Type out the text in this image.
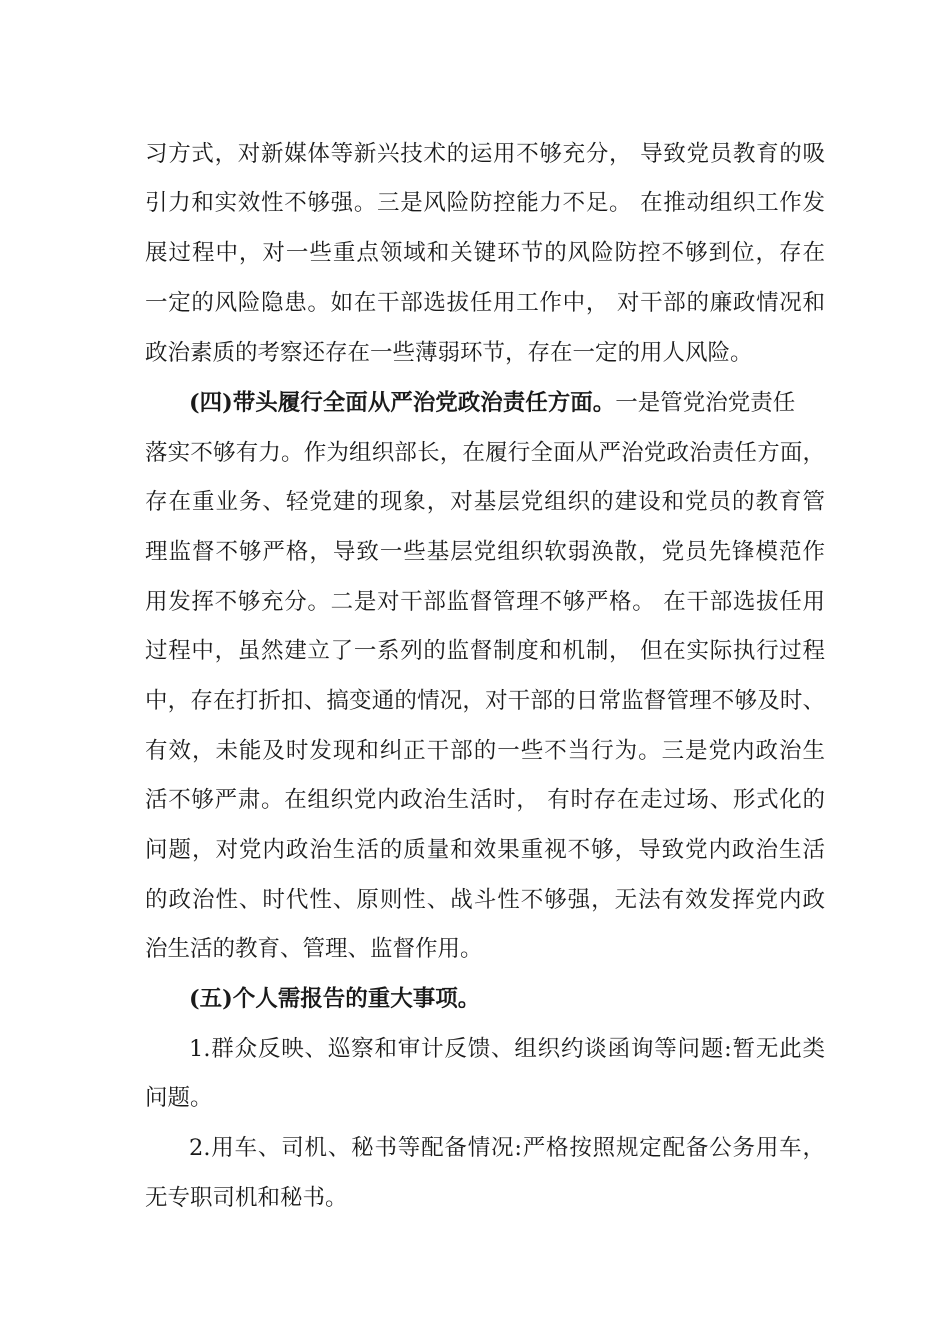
习方式，对新媒体等新兴技术的运用不够充分， 导致党员教育的吸

引力和实效性不够强。三是风险防控能力不足。 在推动组织工作发

展过程中，对一些重点领域和关键环节的风险防控不够到位，存在

一定的风险隐患。如在干部选拔任用工作中， 对干部的廉政情况和

政治素质的考察还存在一些薄弱环节，存在一定的用人风险。

(四)带头履行全面从严治党政治责任方面。一是管党治党责任

落实不够有力。作为组织部长，在履行全面从严治党政治责任方面，

存在重业务、轻党建的现象，对基层党组织的建设和党员的教育管

理监督不够严格，导致一些基层党组织软弱涣散，党员先锋模范作

用发挥不够充分。二是对干部监督管理不够严格。 在干部选拔任用

过程中，虽然建立了一系列的监督制度和机制， 但在实际执行过程

中，存在打折扣、搞变通的情况，对干部的日常监督管理不够及时、

有效，未能及时发现和纠正干部的一些不当行为。三是党内政治生

活不够严肃。在组织党内政治生活时， 有时存在走过场、形式化的

问题，对党内政治生活的质量和效果重视不够，导致党内政治生活

的政治性、时代性、原则性、战斗性不够强，无法有效发挥党内政

治生活的教育、管理、监督作用。

(五)个人需报告的重大事项。

1.群众反映、巡察和审计反馈、组织约谈函询等问题:暂无此类

问题。

2.用车、司机、秘书等配备情况:严格按照规定配备公务用车，

无专职司机和秘书。
